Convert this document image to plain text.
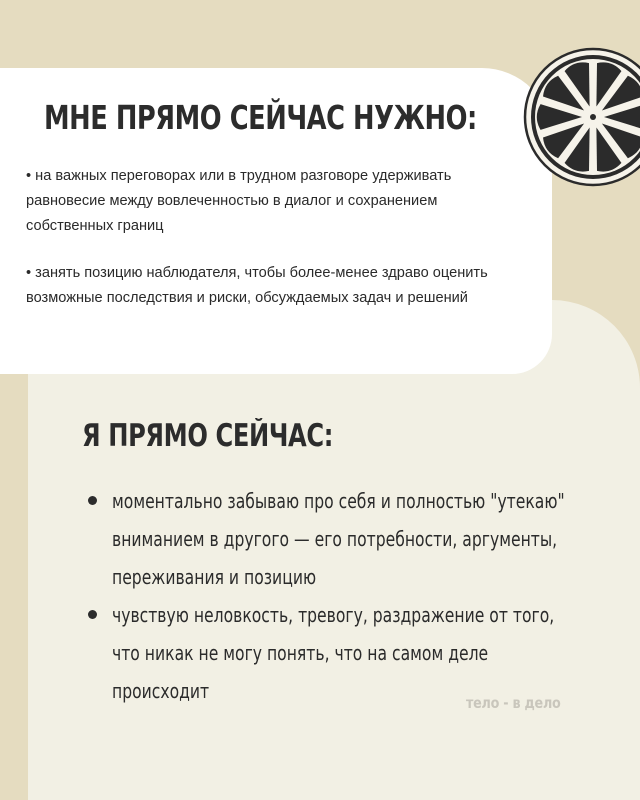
МНЕ ПРЯМО СЕЙЧАС НУЖНО:
• на важных переговорах или в трудном разговоре удерживать равновесие между вовлеченностью в диалог и сохранением собственных границ
• занять позицию наблюдателя, чтобы более-менее здраво оценить возможные последствия и риски, обсуждаемых задач и решений
Я ПРЯМО СЕЙЧАС:
моментально забываю про себя и полностью "утекаю" вниманием в другого — его потребности, аргументы, переживания и позицию
чувствую неловкость, тревогу, раздражение от того, что никак не могу понять, что на самом деле происходит	тело - в дело
